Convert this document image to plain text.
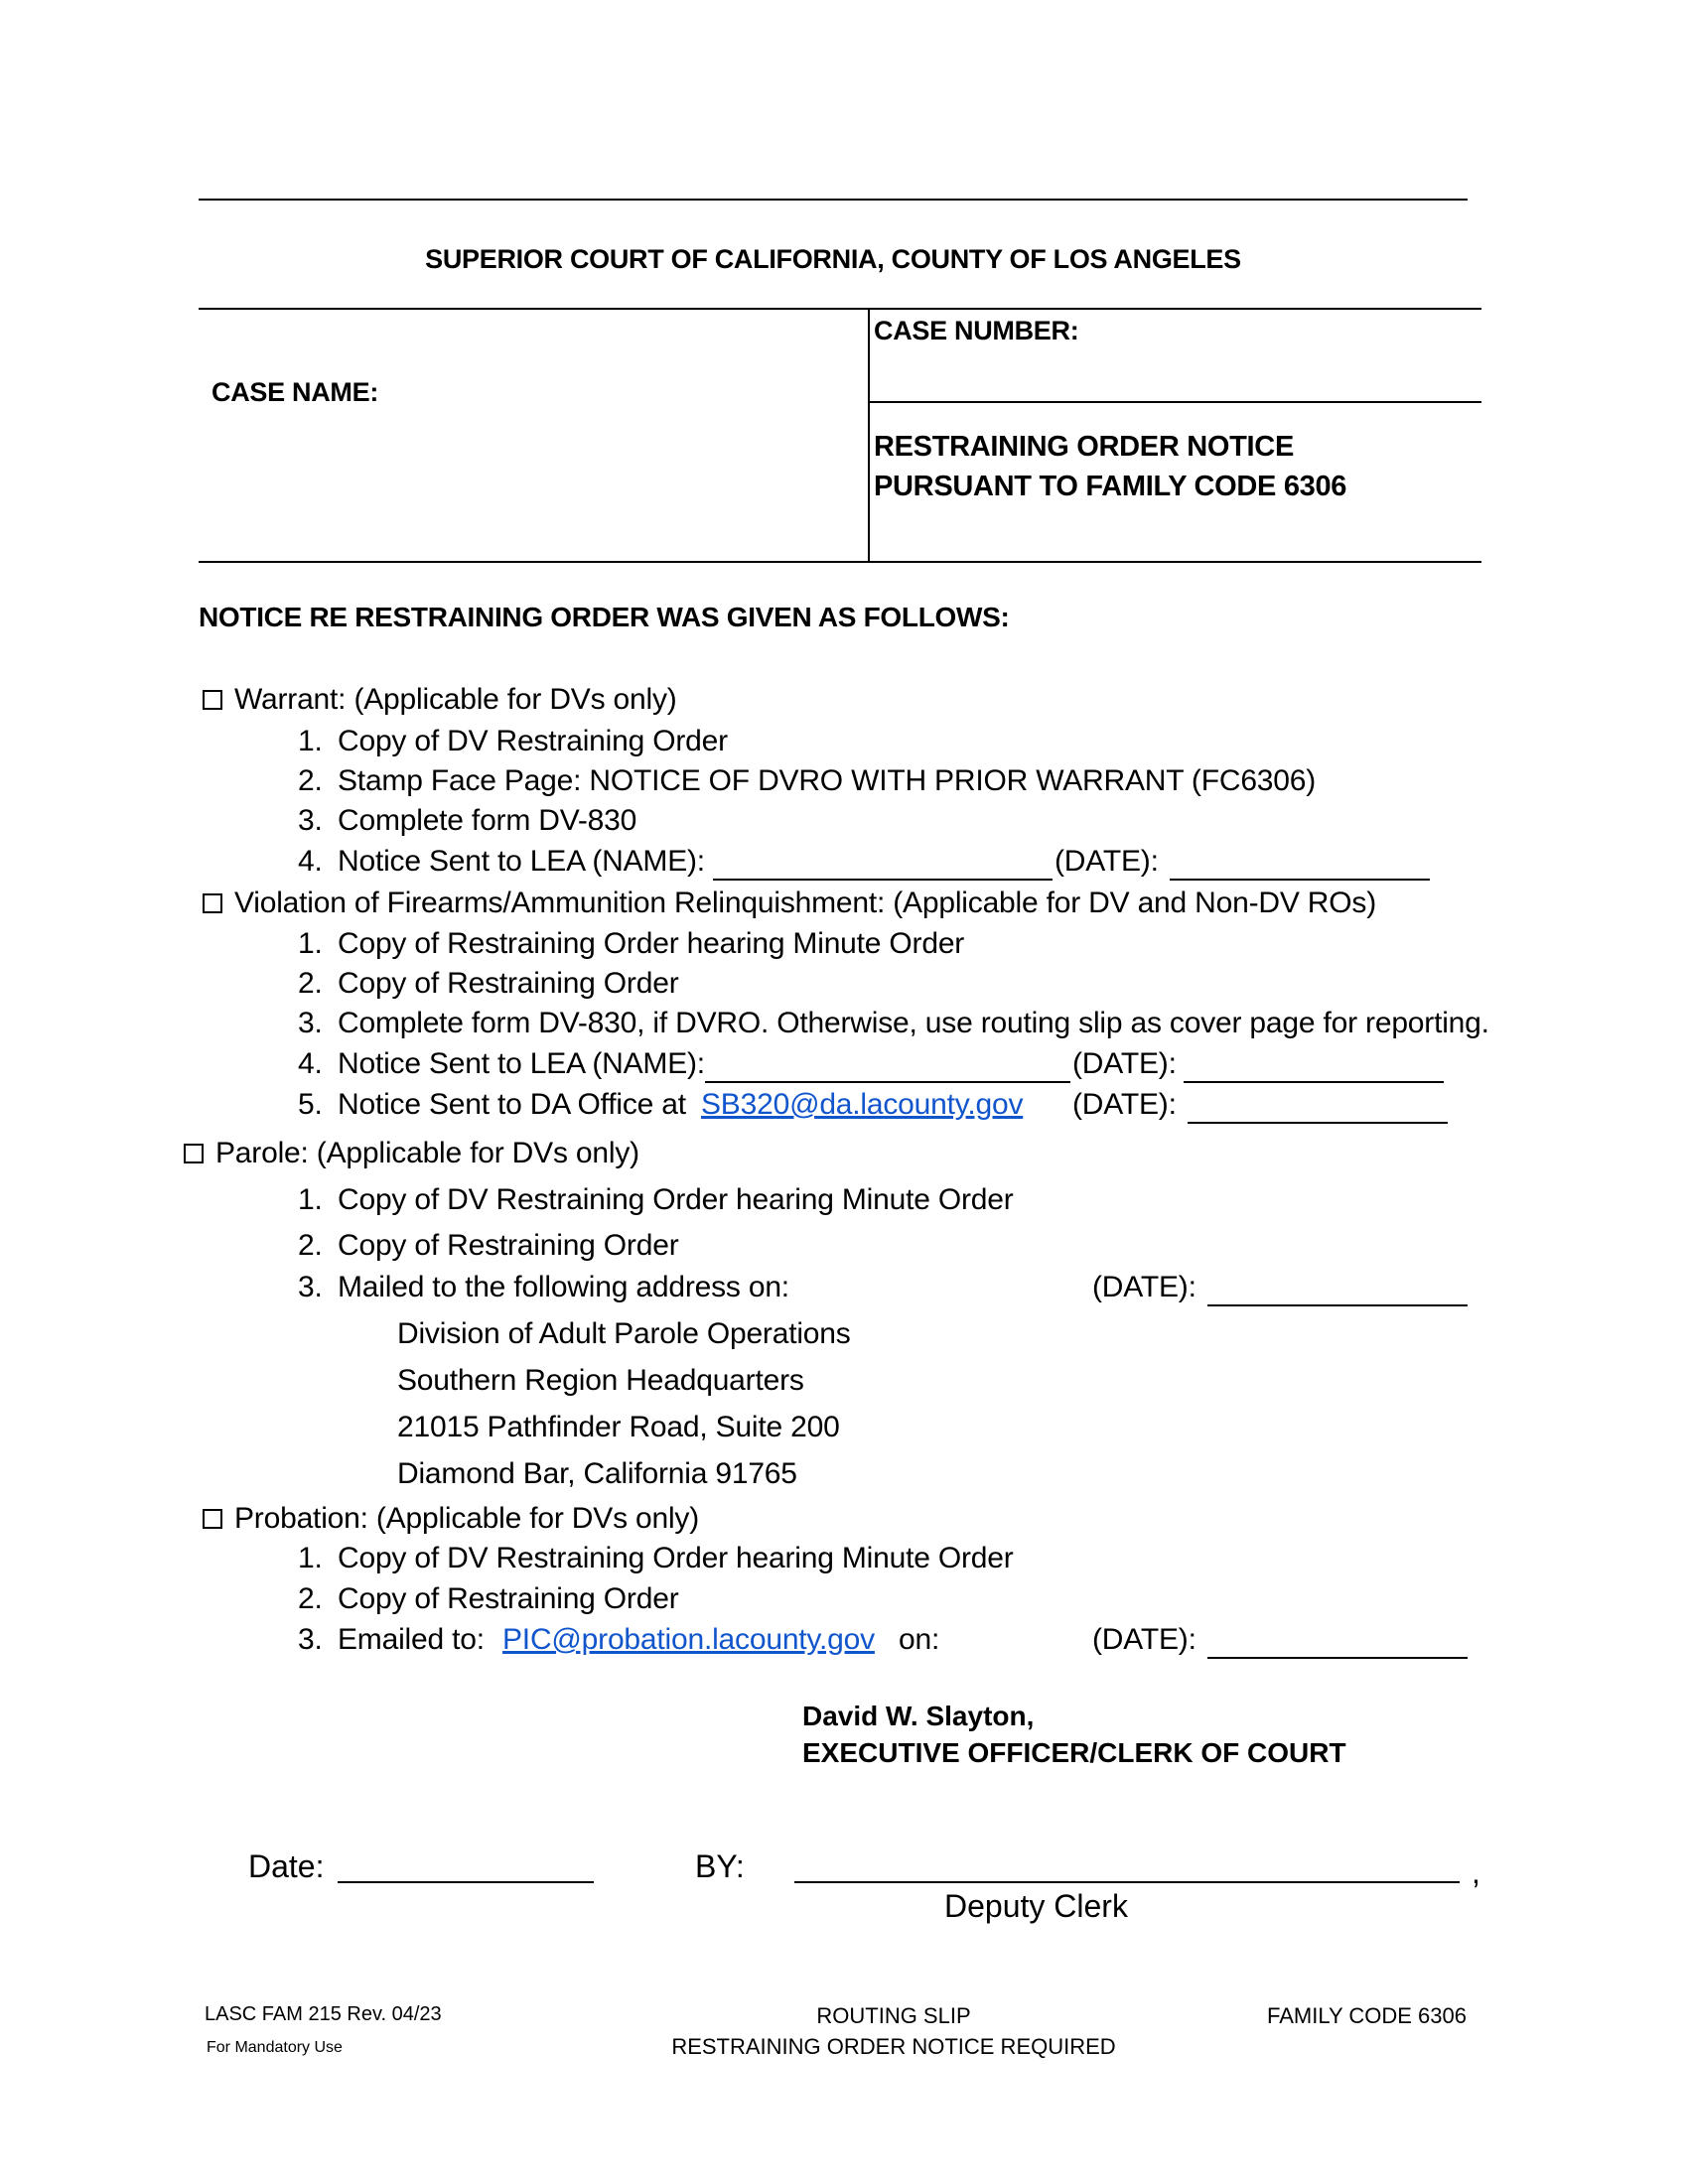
SUPERIOR COURT OF CALIFORNIA, COUNTY OF LOS ANGELES
CASE NAME:
CASE NUMBER:
RESTRAINING ORDER NOTICE
PURSUANT TO FAMILY CODE 6306
NOTICE RE RESTRAINING ORDER WAS GIVEN AS FOLLOWS:
Warrant: (Applicable for DVs only)
1. Copy of DV Restraining Order
2. Stamp Face Page: NOTICE OF DVRO WITH PRIOR WARRANT (FC6306)
3. Complete form DV-830
4. Notice Sent to LEA (NAME):	(DATE):
Violation of Firearms/Ammunition Relinquishment: (Applicable for DV and Non-DV ROs)
1. Copy of Restraining Order hearing Minute Order
2. Copy of Restraining Order
3. Complete form DV-830, if DVRO. Otherwise, use routing slip as cover page for reporting.
4. Notice Sent to LEA (NAME):	(DATE):
5. Notice Sent to DA Office at SB320@da.lacounty.gov (DATE):
Parole: (Applicable for DVs only)
1. Copy of DV Restraining Order hearing Minute Order
2. Copy of Restraining Order
3. Mailed to the following address on:	(DATE):
Division of Adult Parole Operations
Southern Region Headquarters
21015 Pathfinder Road, Suite 200
Diamond Bar, California 91765
Probation: (Applicable for DVs only)
1. Copy of DV Restraining Order hearing Minute Order
2. Copy of Restraining Order
3. Emailed to: PIC@probation.lacounty.gov on:	(DATE):
David W. Slayton,
EXECUTIVE OFFICER/CLERK OF COURT
Date:	BY:	,
Deputy Clerk
LASC FAM 215 Rev. 04/23
For Mandatory Use
ROUTING SLIP
RESTRAINING ORDER NOTICE REQUIRED
FAMILY CODE 6306
